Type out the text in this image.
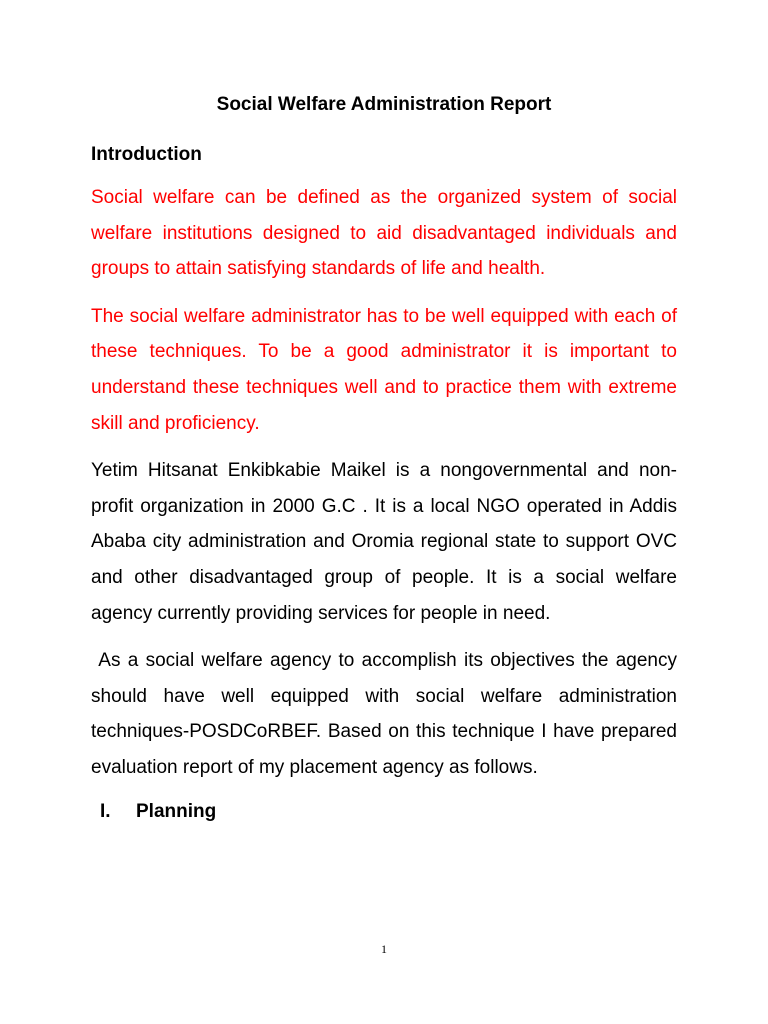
Social Welfare Administration Report
Introduction

Social welfare can be defined as the organized system of social welfare institutions designed to aid disadvantaged individuals and groups to attain satisfying standards of life and health.

The social welfare administrator has to be well equipped with each of these techniques. To be a good administrator it is important to understand these techniques well and to practice them with extreme skill and proficiency.

Yetim Hitsanat Enkibkabie Maikel is a nongovernmental and non-profit organization in 2000 G.C . It is a local NGO operated in Addis Ababa city administration and Oromia regional state to support OVC and other disadvantaged group of people. It is a social welfare agency currently providing services for people in need.

As a social welfare agency to accomplish its objectives the agency should have well equipped with social welfare administration techniques-POSDCoRBEF. Based on this technique I have prepared evaluation report of my placement agency as follows.

I. Planning
1
